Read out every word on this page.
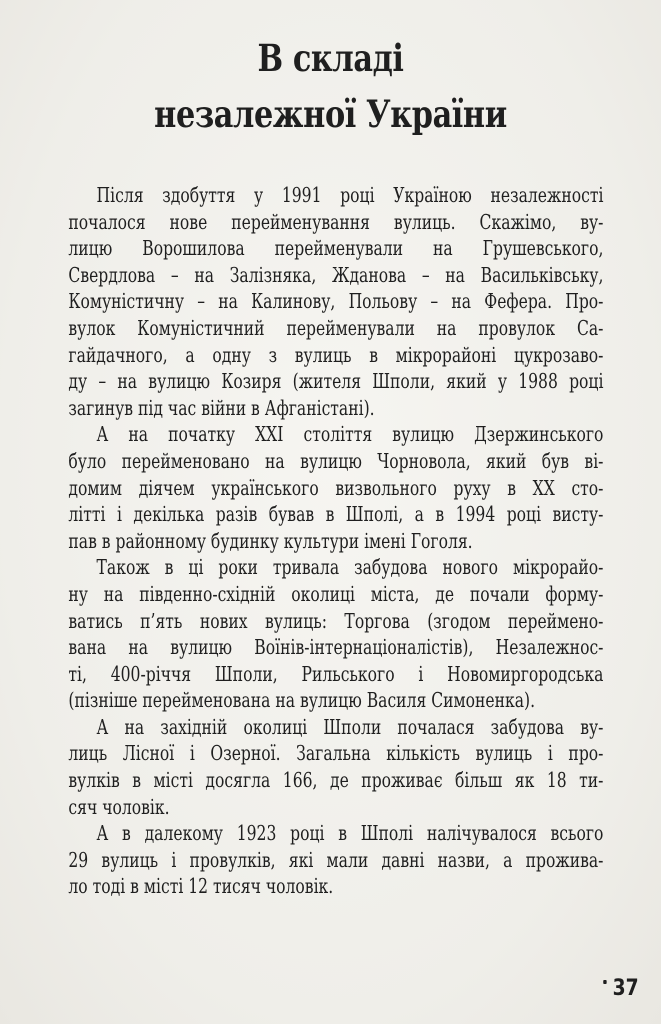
В складі
незалежної України
Після здобуття у 1991 році Україною незалежності
почалося нове перейменування вулиць. Скажімо, ву-
лицю Ворошилова перейменували на Грушевського,
Свердлова – на Залізняка, Жданова – на Васильківську,
Комуністичну – на Калинову, Польову – на Фефера. Про-
вулок Комуністичний перейменували на провулок Са-
гайдачного, а одну з вулиць в мікрорайоні цукрозаво-
ду – на вулицю Козиря (жителя Шполи, який у 1988 році
загинув під час війни в Афганістані).
А на початку ХХІ століття вулицю Дзержинського
було перейменовано на вулицю Чорновола, який був ві-
домим діячем українського визвольного руху в ХХ сто-
літті і декілька разів бував в Шполі, а в 1994 році висту-
пав в районному будинку культури імені Гоголя.
Також в ці роки тривала забудова нового мікрорайо-
ну на південно-східній околиці міста, де почали форму-
ватись п’ять нових вулиць: Торгова (згодом переймено-
вана на вулицю Воїнів-інтернаціоналістів), Незалежнос-
ті, 400-річчя Шполи, Рильського і Новомиргородська
(пізніше перейменована на вулицю Василя Симоненка).
А на західній околиці Шполи почалася забудова ву-
лиць Лісної і Озерної. Загальна кількість вулиць і про-
вулків в місті досягла 166, де проживає більш як 18 ти-
сяч чоловік.
А в далекому 1923 році в Шполі налічувалося всього
29 вулиць і провулків, які мали давні назви, а прожива-
ло тоді в місті 12 тисяч чоловік.
37
